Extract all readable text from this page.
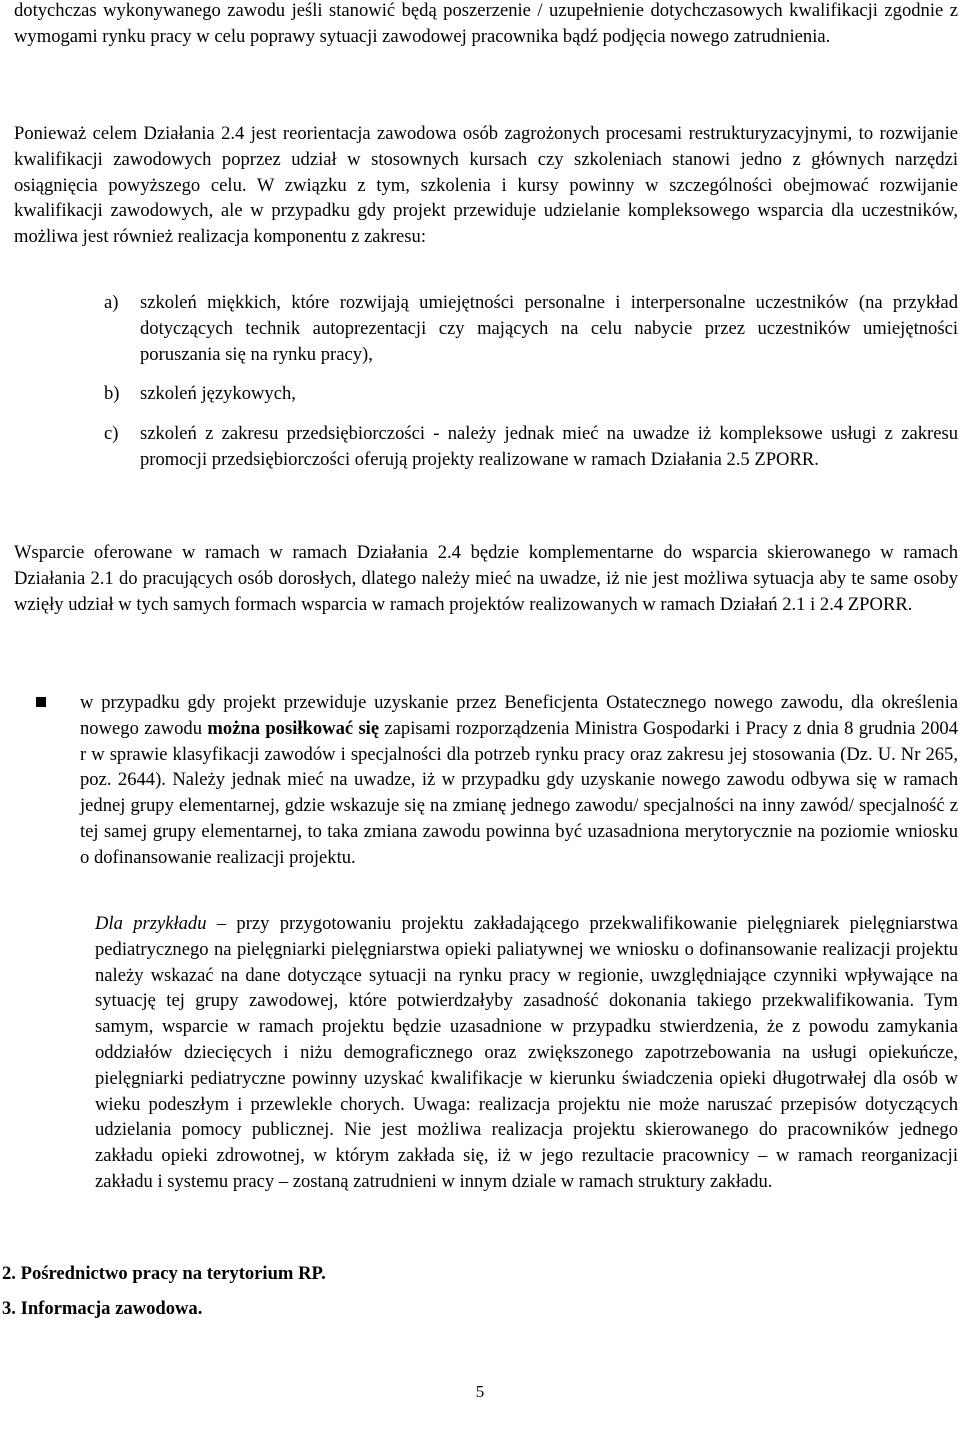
dotychczas wykonywanego zawodu jeśli stanowić będą poszerzenie / uzupełnienie dotychczasowych kwalifikacji zgodnie z wymogami rynku pracy w celu poprawy sytuacji zawodowej pracownika bądź podjęcia nowego zatrudnienia.

Ponieważ celem Działania 2.4 jest reorientacja zawodowa osób zagrożonych procesami restrukturyzacyjnymi, to rozwijanie kwalifikacji zawodowych poprzez udział w stosownych kursach czy szkoleniach stanowi jedno z głównych narzędzi osiągnięcia powyższego celu. W związku z tym, szkolenia i kursy powinny w szczególności obejmować rozwijanie kwalifikacji zawodowych, ale w przypadku gdy projekt przewiduje udzielanie kompleksowego wsparcia dla uczestników, możliwa jest również realizacja komponentu z zakresu:

a) szkoleń miękkich, które rozwijają umiejętności personalne i interpersonalne uczestników (na przykład dotyczących technik autoprezentacji czy mających na celu nabycie przez uczestników umiejętności poruszania się na rynku pracy),
b) szkoleń językowych,
c) szkoleń z zakresu przedsiębiorczości - należy jednak mieć na uwadze iż kompleksowe usługi z zakresu promocji przedsiębiorczości oferują projekty realizowane w ramach Działania 2.5 ZPORR.

Wsparcie oferowane w ramach w ramach Działania 2.4 będzie komplementarne do wsparcia skierowanego w ramach Działania 2.1 do pracujących osób dorosłych, dlatego należy mieć na uwadze, iż nie jest możliwa sytuacja aby te same osoby wzięły udział w tych samych formach wsparcia w ramach projektów realizowanych w ramach Działań 2.1 i 2.4 ZPORR.

w przypadku gdy projekt przewiduje uzyskanie przez Beneficjenta Ostatecznego nowego zawodu, dla określenia nowego zawodu można posiłkować się zapisami rozporządzenia Ministra Gospodarki i Pracy z dnia 8 grudnia 2004 r w sprawie klasyfikacji zawodów i specjalności dla potrzeb rynku pracy oraz zakresu jej stosowania (Dz. U. Nr 265, poz. 2644). Należy jednak mieć na uwadze, iż w przypadku gdy uzyskanie nowego zawodu odbywa się w ramach jednej grupy elementarnej, gdzie wskazuje się na zmianę jednego zawodu/ specjalności na inny zawód/ specjalność z tej samej grupy elementarnej, to taka zmiana zawodu powinna być uzasadniona merytorycznie na poziomie wniosku o dofinansowanie realizacji projektu.

Dla przykładu – przy przygotowaniu projektu zakładającego przekwalifikowanie pielęgniarek pielęgniarstwa pediatrycznego na pielęgniarki pielęgniarstwa opieki paliatywnej we wniosku o dofinansowanie realizacji projektu należy wskazać na dane dotyczące sytuacji na rynku pracy w regionie, uwzględniające czynniki wpływające na sytuację tej grupy zawodowej, które potwierdzałyby zasadność dokonania takiego przekwalifikowania. Tym samym, wsparcie w ramach projektu będzie uzasadnione w przypadku stwierdzenia, że z powodu zamykania oddziałów dziecięcych i niżu demograficznego oraz zwiększonego zapotrzebowania na usługi opiekuńcze, pielęgniarki pediatryczne powinny uzyskać kwalifikacje w kierunku świadczenia opieki długotrwałej dla osób w wieku podeszłym i przewlekle chorych. Uwaga: realizacja projektu nie może naruszać przepisów dotyczących udzielania pomocy publicznej. Nie jest możliwa realizacja projektu skierowanego do pracowników jednego zakładu opieki zdrowotnej, w którym zakłada się, iż w jego rezultacie pracownicy – w ramach reorganizacji zakładu i systemu pracy – zostaną zatrudnieni w innym dziale w ramach struktury zakładu.

2. Pośrednictwo pracy na terytorium RP.

3. Informacja zawodowa.

5
